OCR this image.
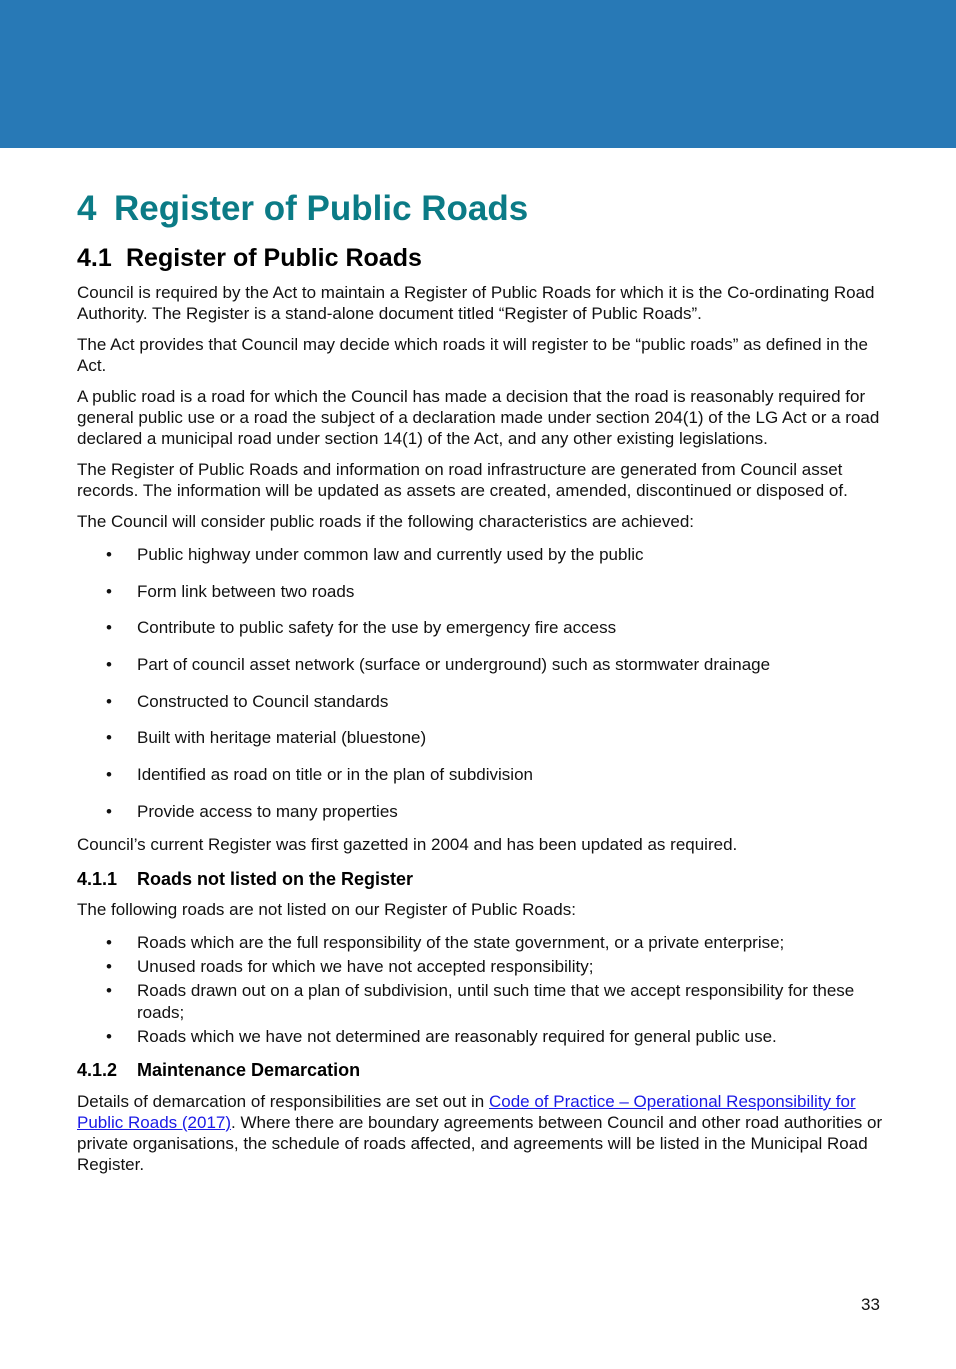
4 Register of Public Roads
4.1 Register of Public Roads

Council is required by the Act to maintain a Register of Public Roads for which it is the Co-ordinating Road Authority. The Register is a stand-alone document titled “Register of Public Roads”.

The Act provides that Council may decide which roads it will register to be “public roads” as defined in the Act.

A public road is a road for which the Council has made a decision that the road is reasonably required for general public use or a road the subject of a declaration made under section 204(1) of the LG Act or a road declared a municipal road under section 14(1) of the Act, and any other existing legislations.

The Register of Public Roads and information on road infrastructure are generated from Council asset records. The information will be updated as assets are created, amended, discontinued or disposed of.

The Council will consider public roads if the following characteristics are achieved:

• Public highway under common law and currently used by the public
• Form link between two roads
• Contribute to public safety for the use by emergency fire access
• Part of council asset network (surface or underground) such as stormwater drainage
• Constructed to Council standards
• Built with heritage material (bluestone)
• Identified as road on title or in the plan of subdivision
• Provide access to many properties

Council’s current Register was first gazetted in 2004 and has been updated as required.

4.1.1 Roads not listed on the Register

The following roads are not listed on our Register of Public Roads:

• Roads which are the full responsibility of the state government, or a private enterprise;
• Unused roads for which we have not accepted responsibility;
• Roads drawn out on a plan of subdivision, until such time that we accept responsibility for these roads;
• Roads which we have not determined are reasonably required for general public use.
4.1.2 Maintenance Demarcation

Details of demarcation of responsibilities are set out in Code of Practice – Operational Responsibility for Public Roads (2017). Where there are boundary agreements between Council and other road authorities or private organisations, the schedule of roads affected, and agreements will be listed in the Municipal Road Register.

33
